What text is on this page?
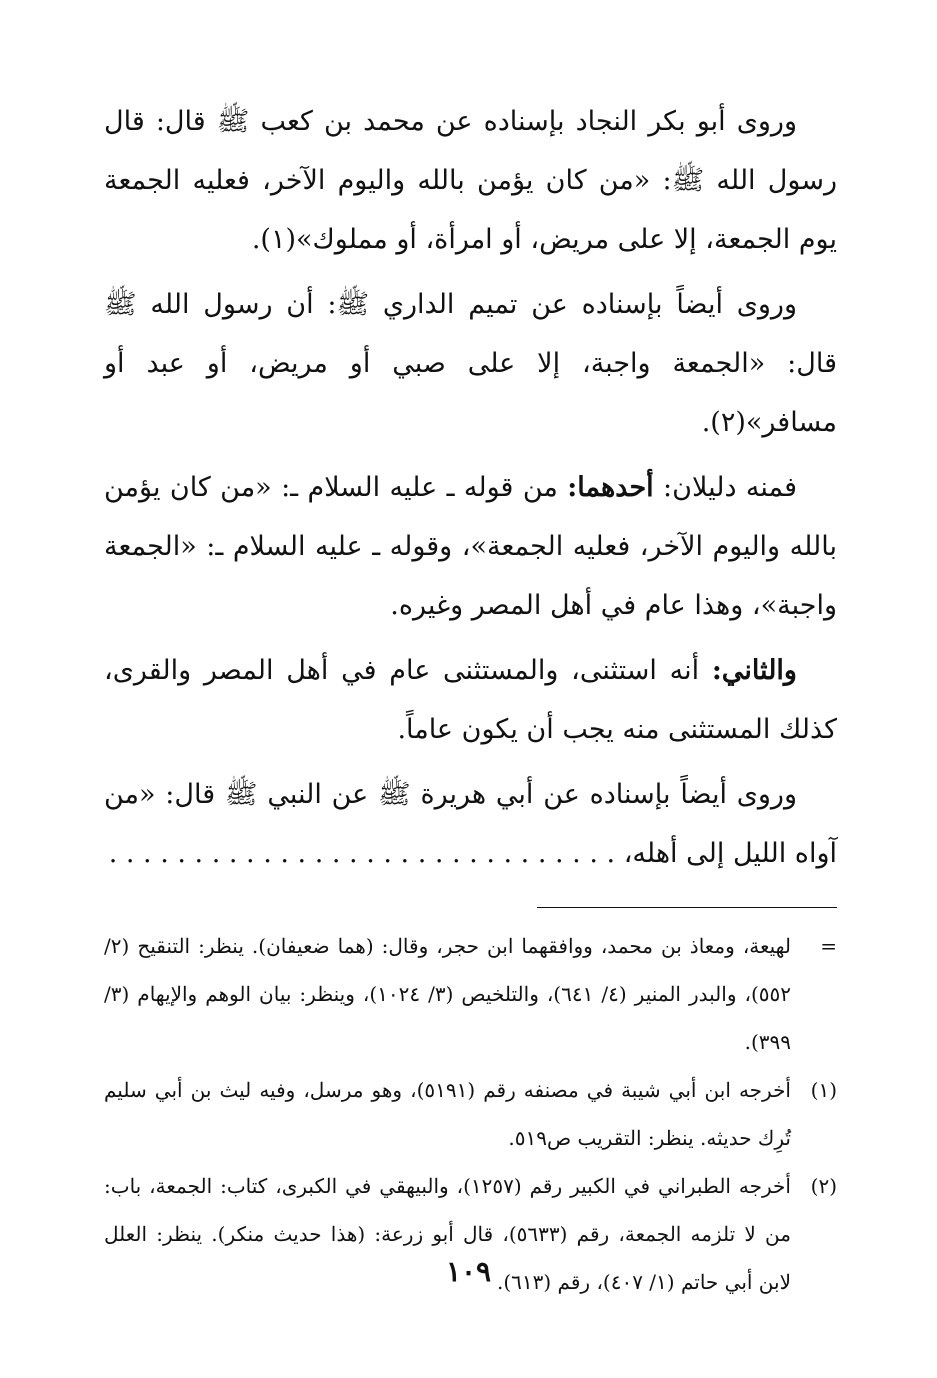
وروى أبو بكر النجاد بإسناده عن محمد بن كعب ﷺ قال: قال رسول الله ﷺ: «من كان يؤمن بالله واليوم الآخر، فعليه الجمعة يوم الجمعة، إلا على مريض، أو امرأة، أو مملوك»(١).

وروى أيضاً بإسناده عن تميم الداري ﷺ: أن رسول الله ﷺ قال: «الجمعة واجبة، إلا على صبي أو مريض، أو عبد أو مسافر»(٢).

فمنه دليلان: أحدهما: من قوله ـ عليه السلام ـ: «من كان يؤمن بالله واليوم الآخر، فعليه الجمعة»، وقوله ـ عليه السلام ـ: «الجمعة واجبة»، وهذا عام في أهل المصر وغيره.

والثاني: أنه استثنى، والمستثنى عام في أهل المصر والقرى، كذلك المستثنى منه يجب أن يكون عاماً.

وروى أيضاً بإسناده عن أبي هريرة ﷺ عن النبي ﷺ قال: «من آواه الليل إلى أهله، . . . . . . . . . . . . . . . . . . . . . . . . . . . . . .

=
لهيعة، ومعاذ بن محمد، ووافقهما ابن حجر، وقال: (هما ضعيفان). ينظر: التنقيح (٢/ ٥٥٢)، والبدر المنير (٤/ ٦٤١)، والتلخيص (٣/ ١٠٢٤)، وينظر: بيان الوهم والإيهام (٣/ ٣٩٩).
(١)
أخرجه ابن أبي شيبة في مصنفه رقم (٥١٩١)، وهو مرسل، وفيه ليث بن أبي سليم تُرِك حديثه. ينظر: التقريب ص٥١٩.
(٢)
أخرجه الطبراني في الكبير رقم (١٢٥٧)، والبيهقي في الكبرى، كتاب: الجمعة، باب: من لا تلزمه الجمعة، رقم (٥٦٣٣)، قال أبو زرعة: (هذا حديث منكر). ينظر: العلل لابن أبي حاتم (١/ ٤٠٧)، رقم (٦١٣).
١٠٩
